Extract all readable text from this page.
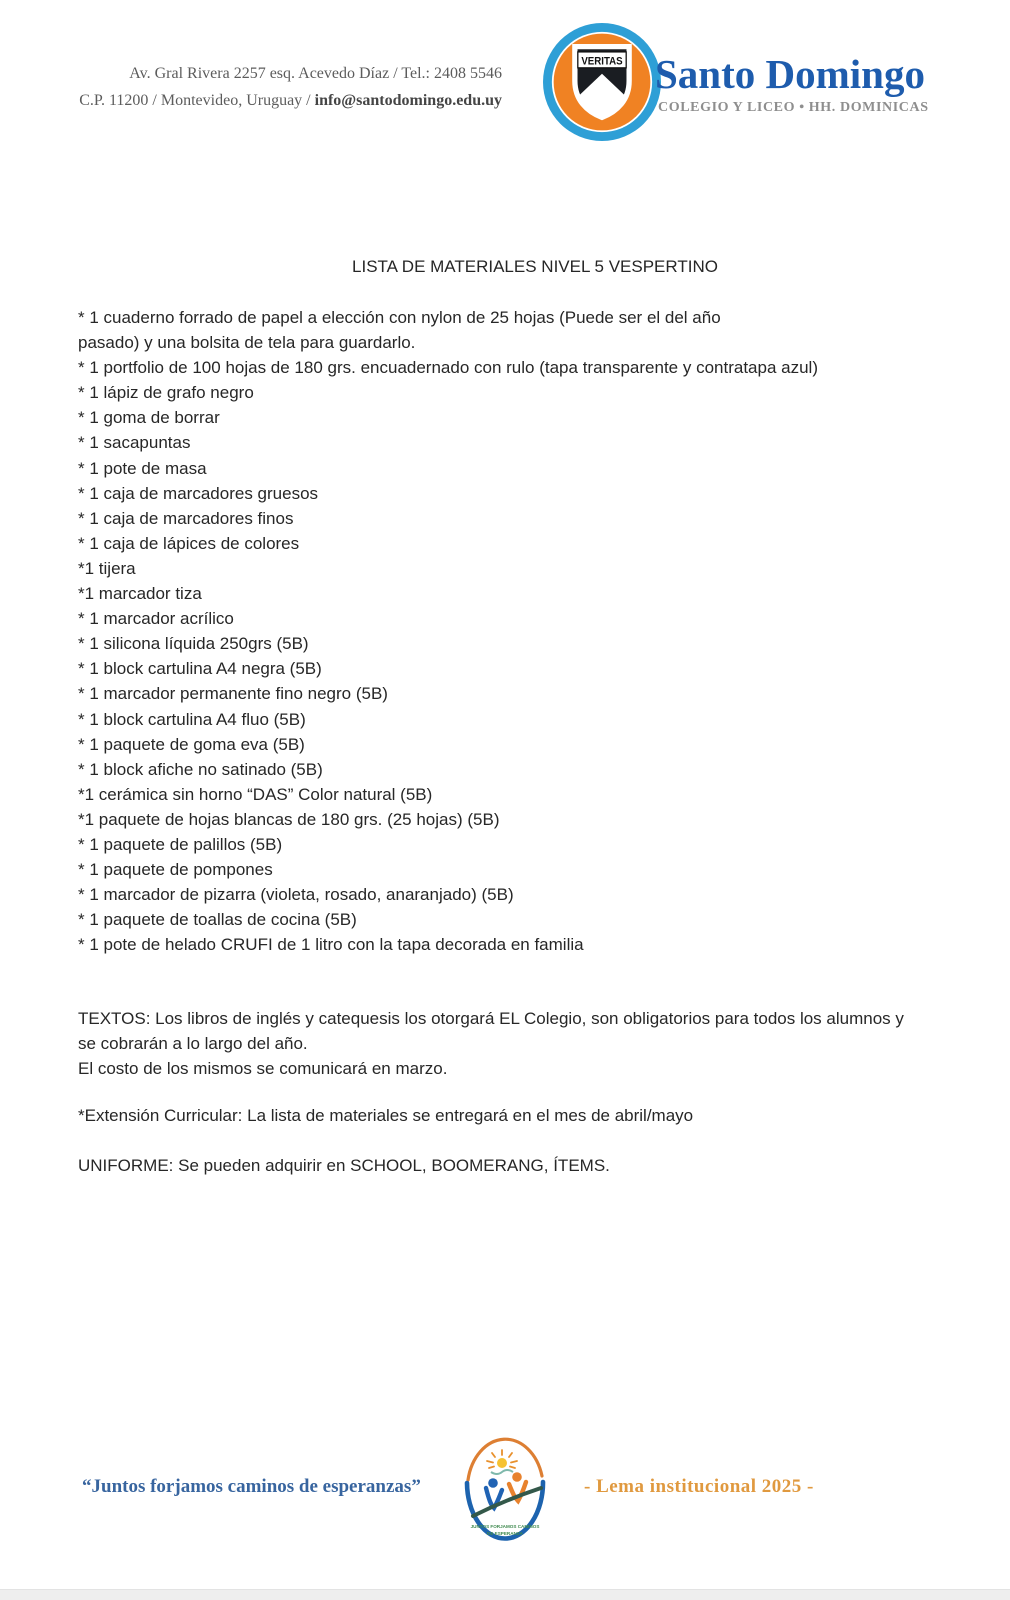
Av. Gral Rivera 2257 esq. Acevedo Díaz / Tel.: 2408 5546
C.P. 11200 / Montevideo, Uruguay / info@santodomingo.edu.uy
VERITAS Santo Domingo
COLEGIO Y LICEO • HH. DOMINICAS
LISTA DE MATERIALES NIVEL 5 VESPERTINO
* 1 cuaderno forrado de papel a elección con nylon de 25 hojas (Puede ser el del año
pasado) y una bolsita de tela para guardarlo.
* 1 portfolio de 100 hojas de 180 grs. encuadernado con rulo (tapa transparente y contratapa azul)
* 1 lápiz de grafo negro
* 1 goma de borrar
* 1 sacapuntas
* 1 pote de masa
* 1 caja de marcadores gruesos
* 1 caja de marcadores finos
* 1 caja de lápices de colores
*1 tijera
*1 marcador tiza
* 1 marcador acrílico
* 1 silicona líquida 250grs (5B)
* 1 block cartulina A4 negra (5B)
* 1 marcador permanente fino negro (5B)
* 1 block cartulina A4 fluo (5B)
* 1 paquete de goma eva (5B)
* 1 block afiche no satinado (5B)
*1 cerámica sin horno “DAS” Color natural (5B)
*1 paquete de hojas blancas de 180 grs. (25 hojas) (5B)
* 1 paquete de palillos (5B)
* 1 paquete de pompones
* 1 marcador de pizarra (violeta, rosado, anaranjado) (5B)
* 1 paquete de toallas de cocina (5B)
* 1 pote de helado CRUFI de 1 litro con la tapa decorada en familia
TEXTOS: Los libros de inglés y catequesis los otorgará EL Colegio, son obligatorios para todos los alumnos y
se cobrarán a lo largo del año.
El costo de los mismos se comunicará en marzo.
*Extensión Curricular: La lista de materiales se entregará en el mes de abril/mayo
UNIFORME: Se pueden adquirir en SCHOOL, BOOMERANG, ÍTEMS.
“Juntos forjamos caminos de esperanzas”
JUNTOS FORJAMOS CAMINOS
DE ESPERANZA
- Lema institucional 2025 -
